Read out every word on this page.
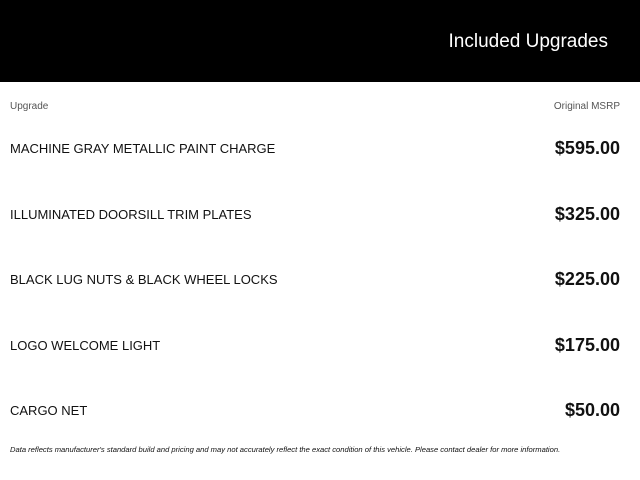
Included Upgrades
Upgrade	Original MSRP
MACHINE GRAY METALLIC PAINT CHARGE	$595.00
ILLUMINATED DOORSILL TRIM PLATES	$325.00
BLACK LUG NUTS & BLACK WHEEL LOCKS	$225.00
LOGO WELCOME LIGHT	$175.00
CARGO NET	$50.00
Data reflects manufacturer's standard build and pricing and may not accurately reflect the exact condition of this vehicle. Please contact dealer for more information.
